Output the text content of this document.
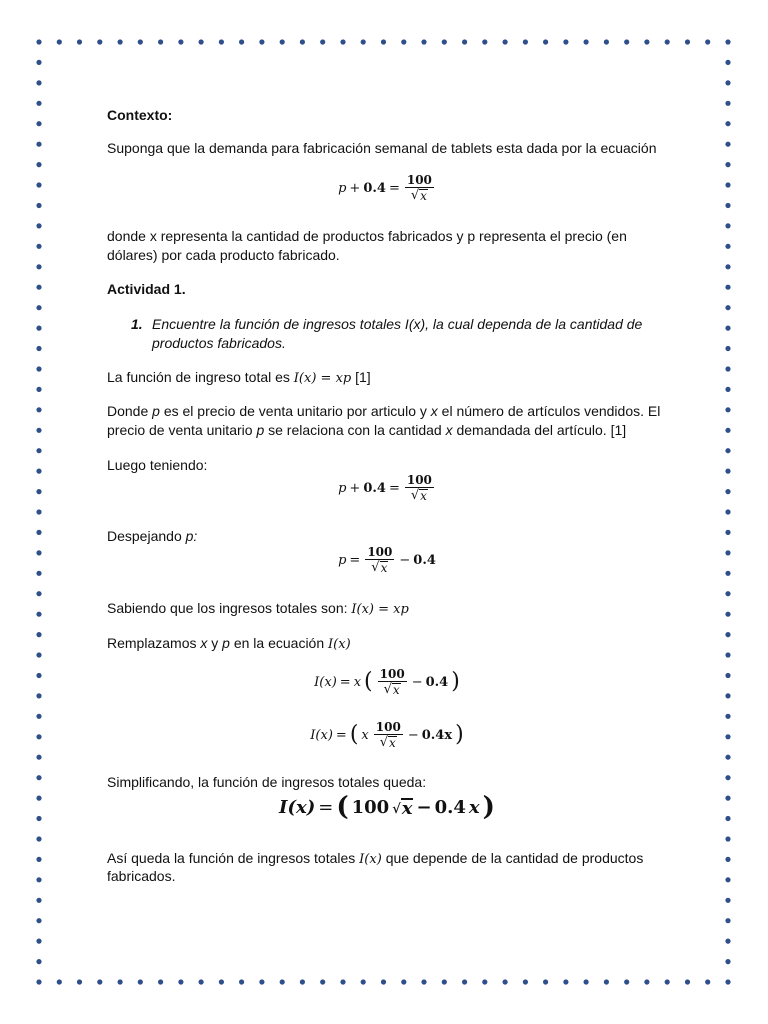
Contexto:
Suponga que la demanda para fabricación semanal de tablets esta dada por la ecuación
$p + 0.4 = \frac{100}{√ x}$
donde x representa la cantidad de productos fabricados y p representa el precio (en
dólares) por cada producto fabricado.
Actividad 1.
1. Encuentre la función de ingresos totales I(x), la cual dependa de la cantidad de
productos fabricados.
La función de ingreso total es I(x) = xp [1]
Donde p es el precio de venta unitario por articulo y x el número de artículos vendidos. El
precio de venta unitario p se relaciona con la cantidad x demandada del artículo. [1]
Luego teniendo:
$p + 0.4 = \frac{100}{√ x}$
Despejando p:
$p = \frac{100}{√ x} - 0.4$
Sabiendo que los ingresos totales son: I(x) = xp
Remplazamos x y p en la ecuación I(x)
I(x) = x ( $\frac{100}{√ x} - 0.4$ )
I(x) = ( x $\frac{100}{√ x} - 0.4x$ )
Simplificando, la función de ingresos totales queda:
I(x) = ( 100 √ x − 0.4 x )
Así queda la función de ingresos totales I(x) que depende de la cantidad de productos
fabricados.
